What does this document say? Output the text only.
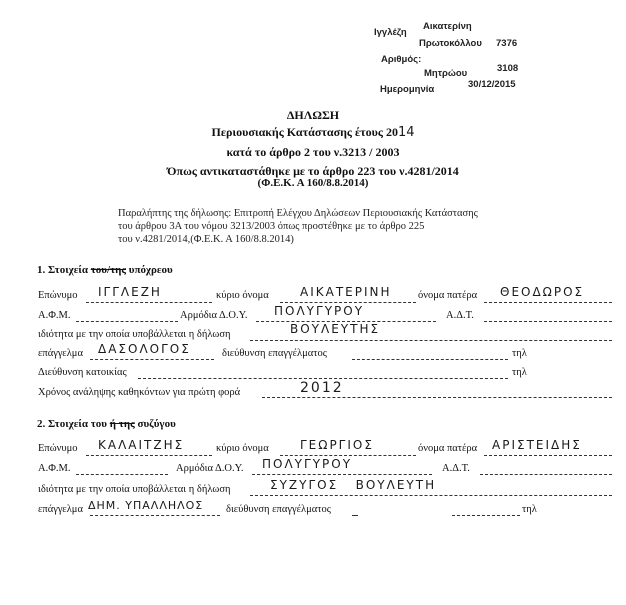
Ιγγλέζη
Αικατερίνη
Πρωτοκόλλου 7376
Αριθμός:
Μητρώου	3108
Ημερομηνία	30/12/2015
ΔΗΛΩΣΗ
Περιουσιακής Κατάστασης έτους 2014
κατά το άρθρο 2 του ν.3213 / 2003
Όπως αντικαταστάθηκε με το άρθρο 223 του ν.4281/2014
(Φ.Ε.Κ. Α 160/8.8.2014)
Παραλήπτης της δήλωσης: Επιτροπή Ελέγχου Δηλώσεων Περιουσιακής Κατάστασης
του άρθρου 3Α του νόμου 3213/2003 όπως προστέθηκε με το άρθρο 225
του ν.4281/2014,(Φ.Ε.Κ. Α 160/8.8.2014)
1. Στοιχεία του/της υπόχρεου
Επώνυμο ΙΓΓΛΕΖΗ	κύριο όνομα	ΑΙΚΑΤΕΡΙΝΗ	όνομα πατέρα ΘΕΟΔΩΡΟΣ
Α.Φ.Μ.	Αρμόδια Δ.Ο.Υ. ΠΟΛΥΓΥΡΟΥ	Α.Δ.Τ.
ιδιότητα με την οποία υποβάλλεται η δήλωση	ΒΟΥΛΕΥΤΗΣ
επάγγελμα ΔΑΣΟΛΟΓΟΣ	διεύθυνση επαγγέλματος	τηλ
Διεύθυνση κατοικίας	τηλ
Χρόνος ανάληψης καθηκόντων για πρώτη φορά	2012
2. Στοιχεία του ή της συζύγου
Επώνυμο ΚΑΛΑΙΤΖΗΣ	κύριο όνομα	ΓΕΩΡΓΙΟΣ	όνομα πατέρα ΑΡΙΣΤΕΙΔΗΣ
Α.Φ.Μ.	Αρμόδια Δ.Ο.Υ. ΠΟΛΥΓΥΡΟΥ	Α.Δ.Τ.
ιδιότητα με την οποία υποβάλλεται η δήλωση	ΣΥΖΥΓΟΣ   ΒΟΥΛΕΥΤΗ
επάγγελμα ΔΗΜ. ΥΠΑΛΛΗΛΟΣ διεύθυνση επαγγέλματος	τηλ
